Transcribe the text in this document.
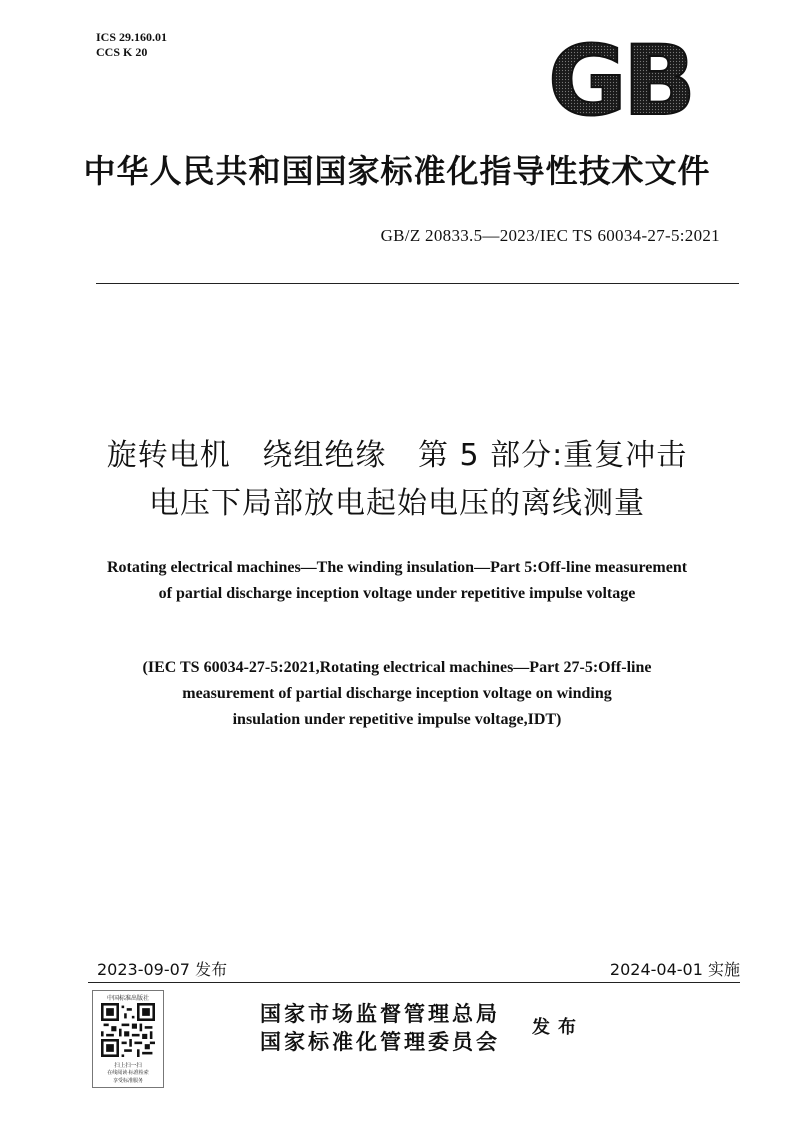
ICS 29.160.01
CCS K 20	GB
中华人民共和国国家标准化指导性技术文件
GB/Z 20833.5—2023/IEC TS 60034-27-5:2021
旋转电机   绕组绝缘   第 5 部分:重复冲击
电压下局部放电起始电压的离线测量
Rotating electrical machines—The winding insulation—Part 5:Off-line measurement
of partial discharge inception voltage under repetitive impulse voltage
(IEC TS 60034-27-5:2021,Rotating electrical machines—Part 27-5:Off-line
measurement of partial discharge inception voltage on winding
insulation under repetitive impulse voltage,IDT)
2023-09-07 发布	2024-04-01 实施
中国标准出版社
扫上扫一扫
在线阅读·标准检索
享受标准服务
国家市场监督管理总局
国家标准化管理委员会
发布
